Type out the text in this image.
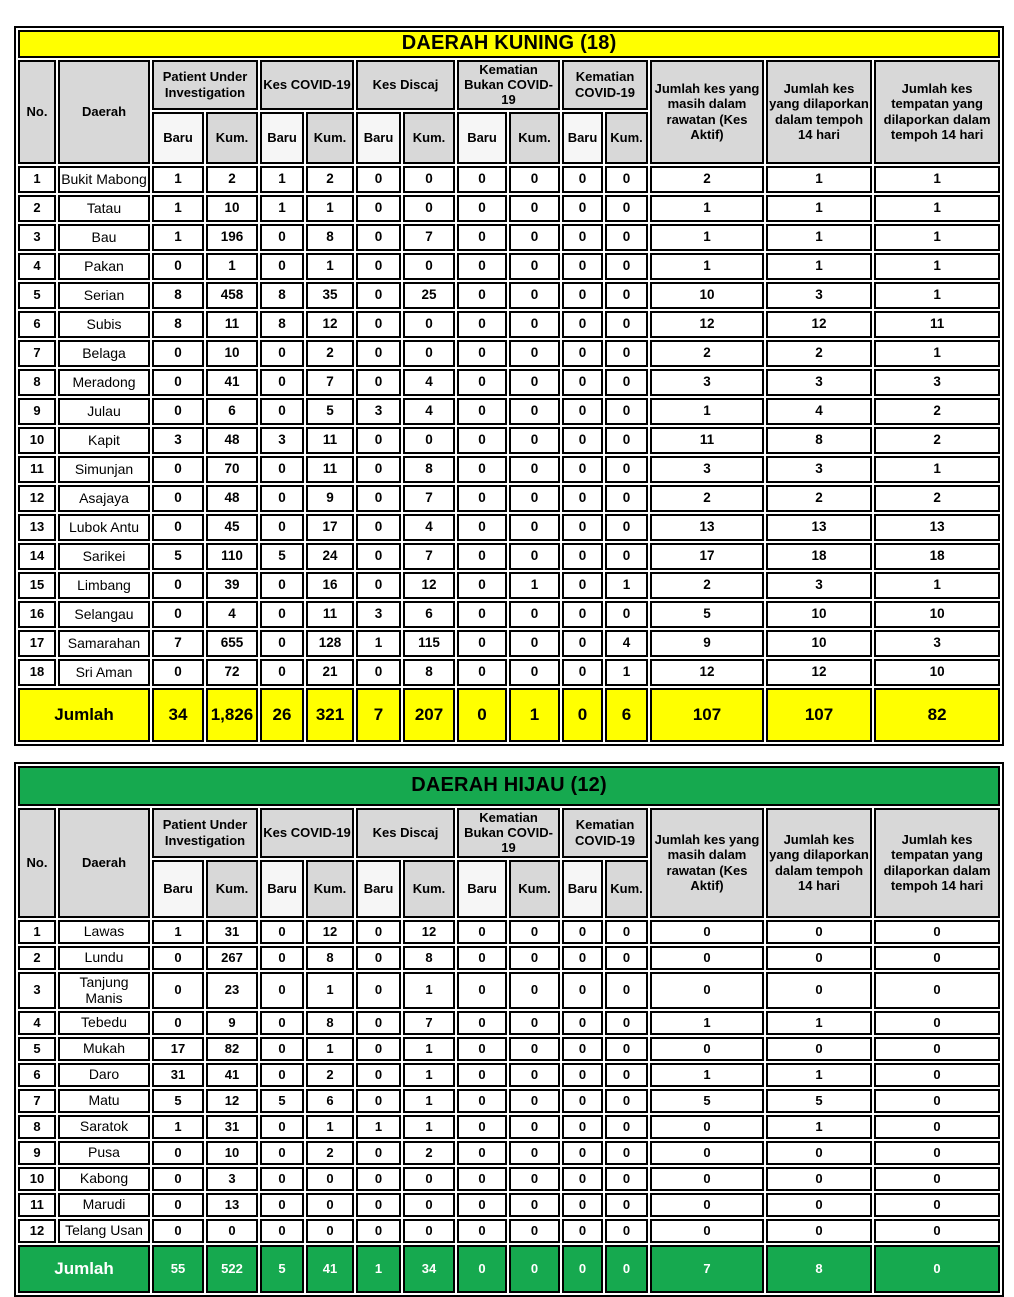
DAERAH KUNING (18)														
No.	Daerah	Patient Under Investigation		Kes COVID-19		Kes Discaj		Kematian Bukan COVID-19		Kematian COVID-19		Jumlah kes yang masih dalam rawatan (Kes Aktif)	Jumlah kes yang dilaporkan dalam tempoh 14 hari	Jumlah kes tempatan yang dilaporkan dalam tempoh 14 hari
		Baru	Kum.	Baru	Kum.	Baru	Kum.	Baru	Kum.	Baru	Kum.			
1	Bukit Mabong	1	2	1	2	0	0	0	0	0	0	2	1	1
2	Tatau	1	10	1	1	0	0	0	0	0	0	1	1	1
3	Bau	1	196	0	8	0	7	0	0	0	0	1	1	1
4	Pakan	0	1	0	1	0	0	0	0	0	0	1	1	1
5	Serian	8	458	8	35	0	25	0	0	0	0	10	3	1
6	Subis	8	11	8	12	0	0	0	0	0	0	12	12	11
7	Belaga	0	10	0	2	0	0	0	0	0	0	2	2	1
8	Meradong	0	41	0	7	0	4	0	0	0	0	3	3	3
9	Julau	0	6	0	5	3	4	0	0	0	0	1	4	2
10	Kapit	3	48	3	11	0	0	0	0	0	0	11	8	2
11	Simunjan	0	70	0	11	0	8	0	0	0	0	3	3	1
12	Asajaya	0	48	0	9	0	7	0	0	0	0	2	2	2
13	Lubok Antu	0	45	0	17	0	4	0	0	0	0	13	13	13
14	Sarikei	5	110	5	24	0	7	0	0	0	0	17	18	18
15	Limbang	0	39	0	16	0	12	0	1	0	1	2	3	1
16	Selangau	0	4	0	11	3	6	0	0	0	0	5	10	10
17	Samarahan	7	655	0	128	1	115	0	0	0	4	9	10	3
18	Sri Aman	0	72	0	21	0	8	0	0	0	1	12	12	10
Jumlah		34	1,826	26	321	7	207	0	1	0	6	107	107	82
DAERAH HIJAU (12)														
No.	Daerah	Patient Under Investigation		Kes COVID-19		Kes Discaj		Kematian Bukan COVID-19		Kematian COVID-19		Jumlah kes yang masih dalam rawatan (Kes Aktif)	Jumlah kes yang dilaporkan dalam tempoh 14 hari	Jumlah kes tempatan yang dilaporkan dalam tempoh 14 hari
		Baru	Kum.	Baru	Kum.	Baru	Kum.	Baru	Kum.	Baru	Kum.			
1	Lawas	1	31	0	12	0	12	0	0	0	0	0	0	0
2	Lundu	0	267	0	8	0	8	0	0	0	0	0	0	0
3	Tanjung Manis	0	23	0	1	0	1	0	0	0	0	0	0	0
4	Tebedu	0	9	0	8	0	7	0	0	0	0	1	1	0
5	Mukah	17	82	0	1	0	1	0	0	0	0	0	0	0
6	Daro	31	41	0	2	0	1	0	0	0	0	1	1	0
7	Matu	5	12	5	6	0	1	0	0	0	0	5	5	0
8	Saratok	1	31	0	1	1	1	0	0	0	0	0	1	0
9	Pusa	0	10	0	2	0	2	0	0	0	0	0	0	0
10	Kabong	0	3	0	0	0	0	0	0	0	0	0	0	0
11	Marudi	0	13	0	0	0	0	0	0	0	0	0	0	0
12	Telang Usan	0	0	0	0	0	0	0	0	0	0	0	0	0
Jumlah		55	522	5	41	1	34	0	0	0	0	7	8	0
